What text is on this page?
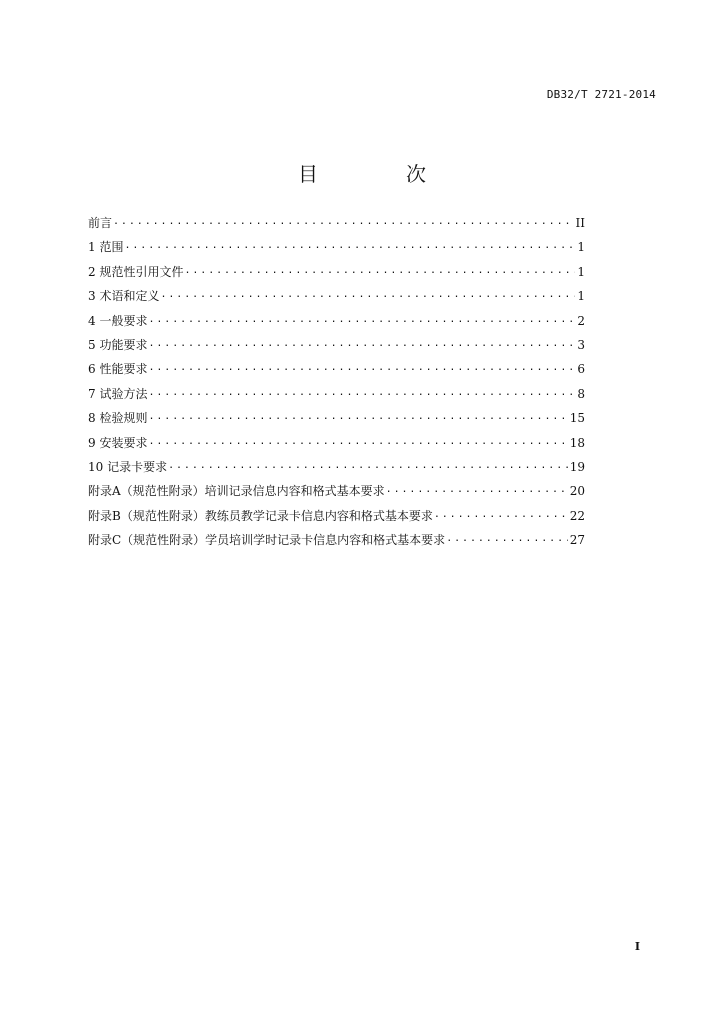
DB32/T 2721-2014
目　次
前言 .....	II
1 范围 .....	1
2 规范性引用文件 .....	1
3 术语和定义 .....	1
4 一般要求 .....	2
5 功能要求 .....	3
6 性能要求 .....	6
7 试验方法 .....	8
8 检验规则 .....	15
9 安装要求 .....	18
10 记录卡要求 .....	19
附录A（规范性附录）培训记录信息内容和格式基本要求 .....	20
附录B（规范性附录）教练员教学记录卡信息内容和格式基本要求 .....	22
附录C（规范性附录）学员培训学时记录卡信息内容和格式基本要求 .....	27
I
